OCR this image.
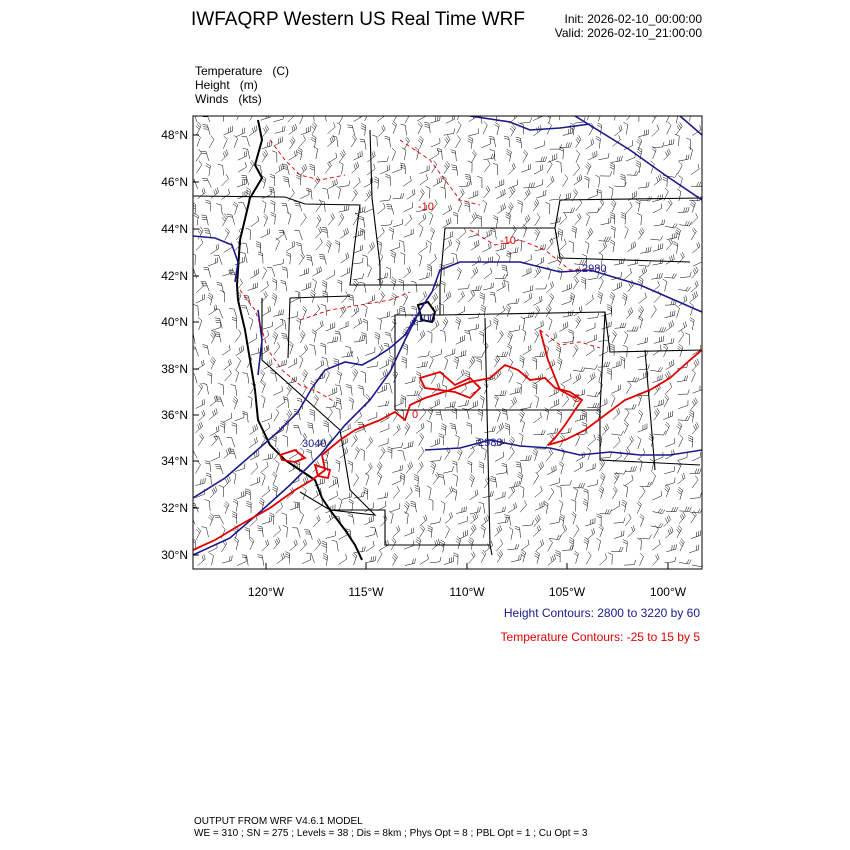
IWFAQRP Western US Real Time WRF	Init: 2026-02-10_00:00:00
Valid: 2026-02-10_21:00:00
Temperature (C)
Height (m)
Winds (kts)
3040
3100
2980
2980
-10
-10
0
5
48°N
46°N
44°N
42°N
40°N
38°N
36°N
34°N
32°N
30°N
120°W	115°W	110°W	105°W	100°W
Height Contours: 2800 to 3220 by 60
Temperature Contours: -25 to 15 by 5
OUTPUT FROM WRF V4.6.1 MODEL
WE = 310 ; SN = 275 ; Levels = 38 ; Dis = 8km ; Phys Opt = 8 ; PBL Opt = 1 ; Cu Opt = 3
